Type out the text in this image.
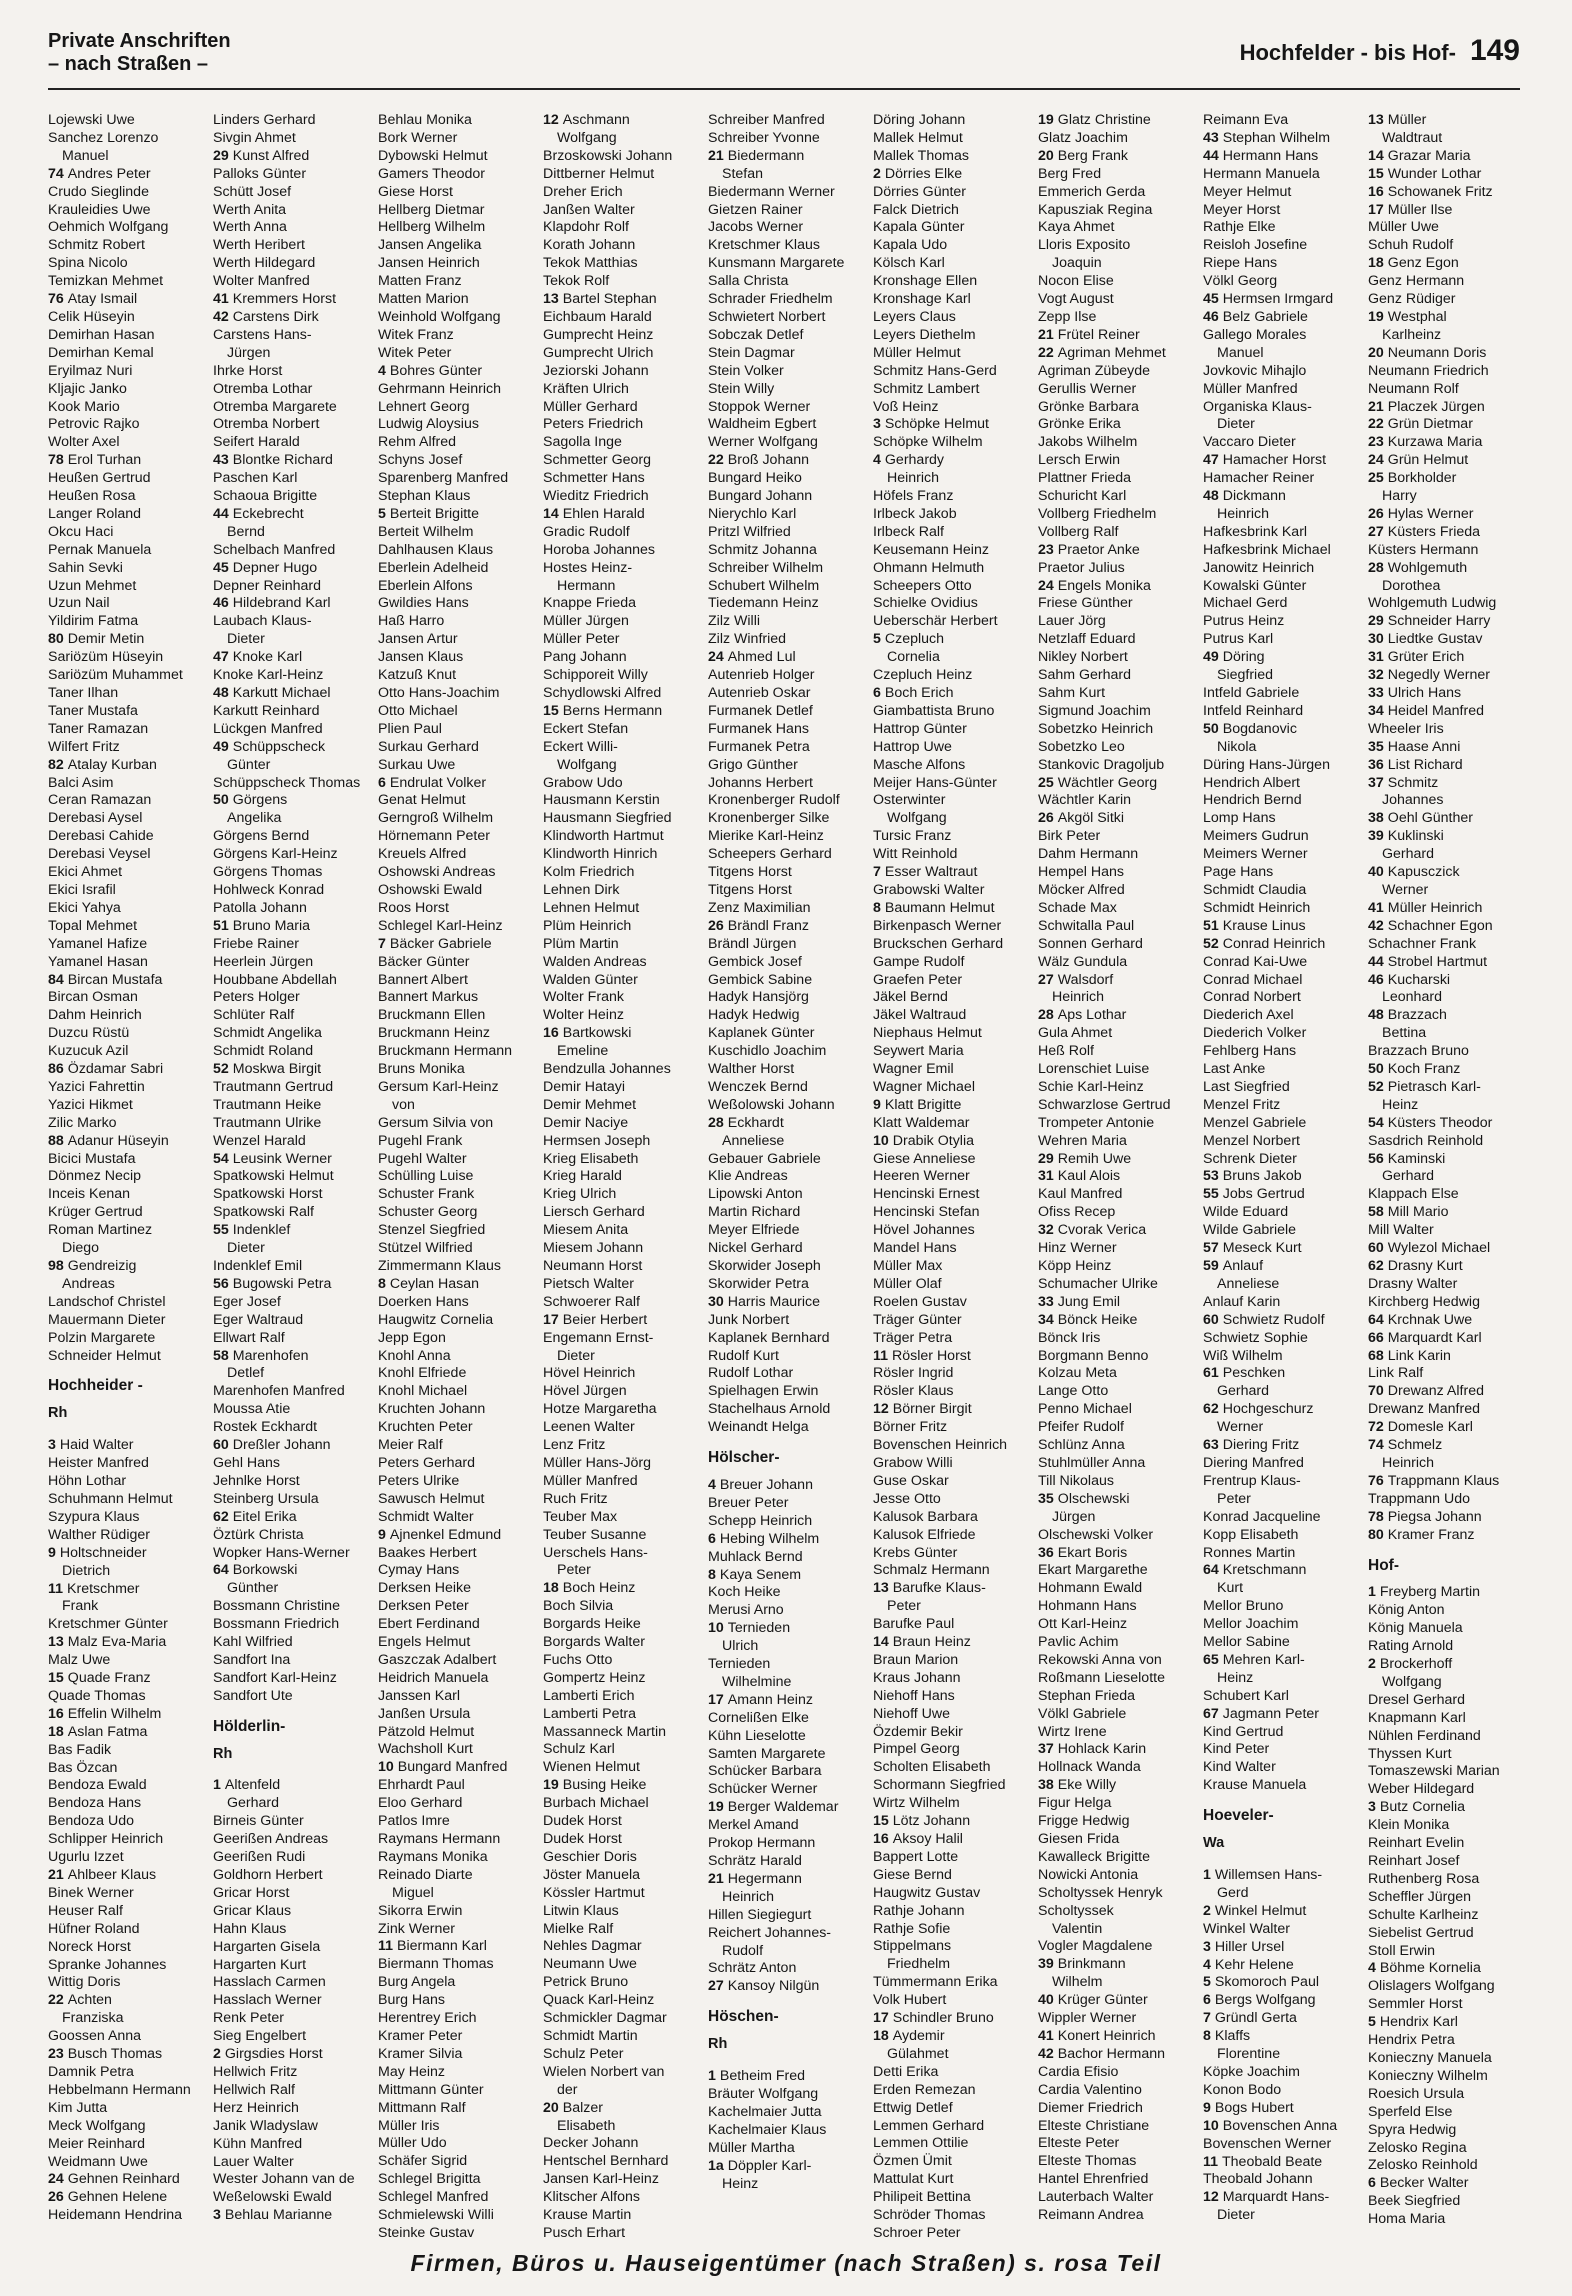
Private Anschriften
– nach Straßen –	Hochfelder - bis Hof- 149
Lojewski Uwe
Sanchez Lorenzo
Manuel
74 Andres Peter
Crudo Sieglinde
Krauleidies Uwe
Oehmich Wolfgang
Schmitz Robert
Spina Nicolo
Temizkan Mehmet
76 Atay Ismail
Celik Hüseyin
Demirhan Hasan
Demirhan Kemal
Eryilmaz Nuri
Kljajic Janko
Kook Mario
Petrovic Rajko
Wolter Axel
78 Erol Turhan
Heußen Gertrud
Heußen Rosa
Langer Roland
Okcu Haci
Pernak Manuela
Sahin Sevki
Uzun Mehmet
Uzun Nail
Yildirim Fatma
80 Demir Metin
Sariözüm Hüseyin
Sariözüm Muhammet
Taner Ilhan
Taner Mustafa
Taner Ramazan
Wilfert Fritz
82 Atalay Kurban
Balci Asim
Ceran Ramazan
Derebasi Aysel
Derebasi Cahide
Derebasi Veysel
Ekici Ahmet
Ekici Israfil
Ekici Yahya
Topal Mehmet
Yamanel Hafize
Yamanel Hasan
84 Bircan Mustafa
Bircan Osman
Dahm Heinrich
Duzcu Rüstü
Kuzucuk Azil
86 Özdamar Sabri
Yazici Fahrettin
Yazici Hikmet
Zilic Marko
88 Adanur Hüseyin
Bicici Mustafa
Dönmez Necip
Inceis Kenan
Krüger Gertrud
Roman Martinez
Diego
98 Gendreizig
Andreas
Landschof Christel
Mauermann Dieter
Polzin Margarete
Schneider Helmut
Hochheider -
Rh
3 Haid Walter
Heister Manfred
Höhn Lothar
Schuhmann Helmut
Szypura Klaus
Walther Rüdiger
9 Holtschneider
Dietrich
11 Kretschmer
Frank
Kretschmer Günter
13 Malz Eva-Maria
Malz Uwe
15 Quade Franz
Quade Thomas
16 Effelin Wilhelm
18 Aslan Fatma
Bas Fadik
Bas Özcan
Bendoza Ewald
Bendoza Hans
Bendoza Udo
Schlipper Heinrich
Ugurlu Izzet
21 Ahlbeer Klaus
Binek Werner
Heuser Ralf
Hüfner Roland
Noreck Horst
Spranke Johannes
Wittig Doris
22 Achten
Franziska
Goossen Anna
23 Busch Thomas
Damnik Petra
Hebbelmann Hermann
Kim Jutta
Meck Wolfgang
Meier Reinhard
Weidmann Uwe
24 Gehnen Reinhard
26 Gehnen Helene
Heidemann Hendrina
Linders Gerhard
Sivgin Ahmet
29 Kunst Alfred
Palloks Günter
Schütt Josef
Werth Anita
Werth Anna
Werth Heribert
Werth Hildegard
Wolter Manfred
41 Kremmers Horst
42 Carstens Dirk
Carstens Hans-
Jürgen
Ihrke Horst
Otremba Lothar
Otremba Margarete
Otremba Norbert
Seifert Harald
43 Blontke Richard
Paschen Karl
Schaoua Brigitte
44 Eckebrecht
Bernd
Schelbach Manfred
45 Depner Hugo
Depner Reinhard
46 Hildebrand Karl
Laubach Klaus-
Dieter
47 Knoke Karl
Knoke Karl-Heinz
48 Karkutt Michael
Karkutt Reinhard
Lückgen Manfred
49 Schüppscheck
Günter
Schüppscheck Thomas
50 Görgens
Angelika
Görgens Bernd
Görgens Karl-Heinz
Görgens Thomas
Hohlweck Konrad
Patolla Johann
51 Bruno Maria
Friebe Rainer
Heerlein Jürgen
Houbbane Abdellah
Peters Holger
Schlüter Ralf
Schmidt Angelika
Schmidt Roland
52 Moskwa Birgit
Trautmann Gertrud
Trautmann Heike
Trautmann Ulrike
Wenzel Harald
54 Leusink Werner
Spatkowski Helmut
Spatkowski Horst
Spatkowski Ralf
55 Indenklef
Dieter
Indenklef Emil
56 Bugowski Petra
Eger Josef
Eger Waltraud
Ellwart Ralf
58 Marenhofen
Detlef
Marenhofen Manfred
Moussa Atie
Rostek Eckhardt
60 Dreßler Johann
Gehl Hans
Jehnlke Horst
Steinberg Ursula
62 Eitel Erika
Öztürk Christa
Wopker Hans-Werner
64 Borkowski
Günther
Bossmann Christine
Bossmann Friedrich
Kahl Wilfried
Sandfort Ina
Sandfort Karl-Heinz
Sandfort Ute
Hölderlin-
Rh
1 Altenfeld
Gerhard
Birneis Günter
Geerißen Andreas
Geerißen Rudi
Goldhorn Herbert
Gricar Horst
Gricar Klaus
Hahn Klaus
Hargarten Gisela
Hargarten Kurt
Hasslach Carmen
Hasslach Werner
Renk Peter
Sieg Engelbert
2 Girgsdies Horst
Hellwich Fritz
Hellwich Ralf
Herz Heinrich
Janik Wladyslaw
Kühn Manfred
Lauer Walter
Wester Johann van de
Weßelowski Ewald
3 Behlau Marianne
Behlau Monika
Bork Werner
Dybowski Helmut
Gamers Theodor
Giese Horst
Hellberg Dietmar
Hellberg Wilhelm
Jansen Angelika
Jansen Heinrich
Matten Franz
Matten Marion
Weinhold Wolfgang
Witek Franz
Witek Peter
4 Bohres Günter
Gehrmann Heinrich
Lehnert Georg
Ludwig Aloysius
Rehm Alfred
Schyns Josef
Sparenberg Manfred
Stephan Klaus
5 Berteit Brigitte
Berteit Wilhelm
Dahlhausen Klaus
Eberlein Adelheid
Eberlein Alfons
Gwildies Hans
Haß Harro
Jansen Artur
Jansen Klaus
Katzuß Knut
Otto Hans-Joachim
Otto Michael
Plien Paul
Surkau Gerhard
Surkau Uwe
6 Endrulat Volker
Genat Helmut
Gerngroß Wilhelm
Hörnemann Peter
Kreuels Alfred
Oshowski Andreas
Oshowski Ewald
Roos Horst
Schlegel Karl-Heinz
7 Bäcker Gabriele
Bäcker Günter
Bannert Albert
Bannert Markus
Bruckmann Ellen
Bruckmann Heinz
Bruckmann Hermann
Bruns Monika
Gersum Karl-Heinz
von
Gersum Silvia von
Pugehl Frank
Pugehl Walter
Schülling Luise
Schuster Frank
Schuster Georg
Stenzel Siegfried
Stützel Wilfried
Zimmermann Klaus
8 Ceylan Hasan
Doerken Hans
Haugwitz Cornelia
Jepp Egon
Knohl Anna
Knohl Elfriede
Knohl Michael
Kruchten Johann
Kruchten Peter
Meier Ralf
Peters Gerhard
Peters Ulrike
Sawusch Helmut
Schmidt Walter
9 Ajnenkel Edmund
Baakes Herbert
Cymay Hans
Derksen Heike
Derksen Peter
Ebert Ferdinand
Engels Helmut
Gaszczak Adalbert
Heidrich Manuela
Janssen Karl
Janßen Ursula
Pätzold Helmut
Wachsholl Kurt
10 Bungard Manfred
Ehrhardt Paul
Eloo Gerhard
Patlos Imre
Raymans Hermann
Raymans Monika
Reinado Diarte
Miguel
Sikorra Erwin
Zink Werner
11 Biermann Karl
Biermann Thomas
Burg Angela
Burg Hans
Herentrey Erich
Kramer Peter
Kramer Silvia
May Heinz
Mittmann Günter
Mittmann Ralf
Müller Iris
Müller Udo
Schäfer Sigrid
Schlegel Brigitta
Schlegel Manfred
Schmielewski Willi
Steinke Gustav
12 Aschmann
Wolfgang
Brzoskowski Johann
Dittberner Helmut
Dreher Erich
Janßen Walter
Klapdohr Rolf
Korath Johann
Tekok Matthias
Tekok Rolf
13 Bartel Stephan
Eichbaum Harald
Gumprecht Heinz
Gumprecht Ulrich
Jeziorski Johann
Kräften Ulrich
Müller Gerhard
Peters Friedrich
Sagolla Inge
Schmetter Georg
Schmetter Hans
Wieditz Friedrich
14 Ehlen Harald
Gradic Rudolf
Horoba Johannes
Hostes Heinz-
Hermann
Knappe Frieda
Müller Jürgen
Müller Peter
Pang Johann
Schipporeit Willy
Schydlowski Alfred
15 Berns Hermann
Eckert Stefan
Eckert Willi-
Wolfgang
Grabow Udo
Hausmann Kerstin
Hausmann Siegfried
Klindworth Hartmut
Klindworth Hinrich
Kolm Friedrich
Lehnen Dirk
Lehnen Helmut
Plüm Heinrich
Plüm Martin
Walden Andreas
Walden Günter
Wolter Frank
Wolter Heinz
16 Bartkowski
Emeline
Bendzulla Johannes
Demir Hatayi
Demir Mehmet
Demir Naciye
Hermsen Joseph
Krieg Elisabeth
Krieg Harald
Krieg Ulrich
Liersch Gerhard
Miesem Anita
Miesem Johann
Neumann Horst
Pietsch Walter
Schwoerer Ralf
17 Beier Herbert
Engemann Ernst-
Dieter
Hövel Heinrich
Hövel Jürgen
Hotze Margaretha
Leenen Walter
Lenz Fritz
Müller Hans-Jörg
Müller Manfred
Ruch Fritz
Teuber Max
Teuber Susanne
Uerschels Hans-
Peter
18 Boch Heinz
Boch Silvia
Borgards Heike
Borgards Walter
Fuchs Otto
Gompertz Heinz
Lamberti Erich
Lamberti Petra
Massanneck Martin
Schulz Karl
Wienen Helmut
19 Busing Heike
Burbach Michael
Dudek Horst
Dudek Horst
Geschier Doris
Jöster Manuela
Kössler Hartmut
Litwin Klaus
Mielke Ralf
Nehles Dagmar
Neumann Uwe
Petrick Bruno
Quack Karl-Heinz
Schmickler Dagmar
Schmidt Martin
Schulz Peter
Wielen Norbert van
der
20 Balzer
Elisabeth
Decker Johann
Hentschel Bernhard
Jansen Karl-Heinz
Klitscher Alfons
Krause Martin
Pusch Erhart
Schreiber Manfred
Schreiber Yvonne
21 Biedermann
Stefan
Biedermann Werner
Gietzen Rainer
Jacobs Werner
Kretschmer Klaus
Kunsmann Margarete
Salla Christa
Schrader Friedhelm
Schwietert Norbert
Sobczak Detlef
Stein Dagmar
Stein Volker
Stein Willy
Stoppok Werner
Waldheim Egbert
Werner Wolfgang
22 Broß Johann
Bungard Heiko
Bungard Johann
Nierychlo Karl
Pritzl Wilfried
Schmitz Johanna
Schreiber Wilhelm
Schubert Wilhelm
Tiedemann Heinz
Zilz Willi
Zilz Winfried
24 Ahmed Lul
Autenrieb Holger
Autenrieb Oskar
Furmanek Detlef
Furmanek Hans
Furmanek Petra
Grigo Günther
Johanns Herbert
Kronenberger Rudolf
Kronenberger Silke
Mierike Karl-Heinz
Scheepers Gerhard
Titgens Horst
Titgens Horst
Zenz Maximilian
26 Brändl Franz
Brändl Jürgen
Gembick Josef
Gembick Sabine
Hadyk Hansjörg
Hadyk Hedwig
Kaplanek Günter
Kuschidlo Joachim
Walther Horst
Wenczek Bernd
Weßolowski Johann
28 Eckhardt
Anneliese
Gebauer Gabriele
Klie Andreas
Lipowski Anton
Martin Richard
Meyer Elfriede
Nickel Gerhard
Skorwider Joseph
Skorwider Petra
30 Harris Maurice
Junk Norbert
Kaplanek Bernhard
Rudolf Kurt
Rudolf Lothar
Spielhagen Erwin
Stachelhaus Arnold
Weinandt Helga
Hölscher-
4 Breuer Johann
Breuer Peter
Schepp Heinrich
6 Hebing Wilhelm
Muhlack Bernd
8 Kaya Senem
Koch Heike
Merusi Arno
10 Ternieden
Ulrich
Ternieden
Wilhelmine
17 Amann Heinz
Cornelißen Elke
Kühn Lieselotte
Samten Margarete
Schücker Barbara
Schücker Werner
19 Berger Waldemar
Merkel Amand
Prokop Hermann
Schrätz Harald
21 Hegermann
Heinrich
Hillen Siegiegurt
Reichert Johannes-
Rudolf
Schrätz Anton
27 Kansoy Nilgün
Höschen-
Rh
1 Betheim Fred
Bräuter Wolfgang
Kachelmaier Jutta
Kachelmaier Klaus
Müller Martha
1a Döppler Karl-
Heinz
Döring Johann
Mallek Helmut
Mallek Thomas
2 Dörries Elke
Dörries Günter
Falck Dietrich
Kapala Günter
Kapala Udo
Kölsch Karl
Kronshage Ellen
Kronshage Karl
Leyers Claus
Leyers Diethelm
Müller Helmut
Schmitz Hans-Gerd
Schmitz Lambert
Voß Heinz
3 Schöpke Helmut
Schöpke Wilhelm
4 Gerhardy
Heinrich
Höfels Franz
Irlbeck Jakob
Irlbeck Ralf
Keusemann Heinz
Ohmann Helmuth
Scheepers Otto
Schielke Ovidius
Ueberschär Herbert
5 Czepluch
Cornelia
Czepluch Heinz
6 Boch Erich
Giambattista Bruno
Hattrop Günter
Hattrop Uwe
Masche Alfons
Meijer Hans-Günter
Osterwinter
Wolfgang
Tursic Franz
Witt Reinhold
7 Esser Waltraut
Grabowski Walter
8 Baumann Helmut
Birkenpasch Werner
Bruckschen Gerhard
Gampe Rudolf
Graefen Peter
Jäkel Bernd
Jäkel Waltraud
Niephaus Helmut
Seywert Maria
Wagner Emil
Wagner Michael
9 Klatt Brigitte
Klatt Waldemar
10 Drabik Otylia
Giese Anneliese
Heeren Werner
Hencinski Ernest
Hencinski Stefan
Hövel Johannes
Mandel Hans
Müller Max
Müller Olaf
Roelen Gustav
Träger Günter
Träger Petra
11 Rösler Horst
Rösler Ingrid
Rösler Klaus
12 Börner Birgit
Börner Fritz
Bovenschen Heinrich
Grabow Willi
Guse Oskar
Jesse Otto
Kalusok Barbara
Kalusok Elfriede
Krebs Günter
Schmalz Hermann
13 Barufke Klaus-
Peter
Barufke Paul
14 Braun Heinz
Braun Marion
Kraus Johann
Niehoff Hans
Niehoff Uwe
Özdemir Bekir
Pimpel Georg
Scholten Elisabeth
Schormann Siegfried
Wirtz Wilhelm
15 Lötz Johann
16 Aksoy Halil
Bappert Lotte
Giese Bernd
Haugwitz Gustav
Rathje Johann
Rathje Sofie
Stippelmans
Friedhelm
Tümmermann Erika
Volk Hubert
17 Schindler Bruno
18 Aydemir
Gülahmet
Detti Erika
Erden Remezan
Ettwig Detlef
Lemmen Gerhard
Lemmen Ottilie
Özmen Ümit
Mattulat Kurt
Philipeit Bettina
Schröder Thomas
Schroer Peter
19 Glatz Christine
Glatz Joachim
20 Berg Frank
Berg Fred
Emmerich Gerda
Kapusziak Regina
Kaya Ahmet
Lloris Exposito
Joaquin
Nocon Elise
Vogt August
Zepp Ilse
21 Frütel Reiner
22 Agriman Mehmet
Agriman Zübeyde
Gerullis Werner
Grönke Barbara
Grönke Erika
Jakobs Wilhelm
Lersch Erwin
Plattner Frieda
Schuricht Karl
Vollberg Friedhelm
Vollberg Ralf
23 Praetor Anke
Praetor Julius
24 Engels Monika
Friese Günther
Lauer Jörg
Netzlaff Eduard
Nikley Norbert
Sahm Gerhard
Sahm Kurt
Sigmund Joachim
Sobetzko Heinrich
Sobetzko Leo
Stankovic Dragoljub
25 Wächtler Georg
Wächtler Karin
26 Akgöl Sitki
Birk Peter
Dahm Hermann
Hempel Hans
Möcker Alfred
Schade Max
Schwitalla Paul
Sonnen Gerhard
Wälz Gundula
27 Walsdorf
Heinrich
28 Aps Lothar
Gula Ahmet
Heß Rolf
Lorenschiet Luise
Schie Karl-Heinz
Schwarzlose Gertrud
Trompeter Antonie
Wehren Maria
29 Remih Uwe
31 Kaul Alois
Kaul Manfred
Ofiss Recep
32 Cvorak Verica
Hinz Werner
Köpp Heinz
Schumacher Ulrike
33 Jung Emil
34 Bönck Heike
Bönck Iris
Borgmann Benno
Kolzau Meta
Lange Otto
Penno Michael
Pfeifer Rudolf
Schlünz Anna
Stuhlmüller Anna
Till Nikolaus
35 Olschewski
Jürgen
Olschewski Volker
36 Ekart Boris
Ekart Margarethe
Hohmann Ewald
Hohmann Hans
Ott Karl-Heinz
Pavlic Achim
Rekowski Anna von
Roßmann Lieselotte
Stephan Frieda
Völkl Gabriele
Wirtz Irene
37 Hohlack Karin
Hollnack Wanda
38 Eke Willy
Figur Helga
Frigge Hedwig
Giesen Frida
Kawalleck Brigitte
Nowicki Antonia
Scholtyssek Henryk
Scholtyssek
Valentin
Vogler Magdalene
39 Brinkmann
Wilhelm
40 Krüger Günter
Wippler Werner
41 Konert Heinrich
42 Bachor Hermann
Cardia Efisio
Cardia Valentino
Diemer Friedrich
Elteste Christiane
Elteste Peter
Elteste Thomas
Hantel Ehrenfried
Lauterbach Walter
Reimann Andrea
Reimann Eva
43 Stephan Wilhelm
44 Hermann Hans
Hermann Manuela
Meyer Helmut
Meyer Horst
Rathje Elke
Reisloh Josefine
Riepe Hans
Völkl Georg
45 Hermsen Irmgard
46 Belz Gabriele
Gallego Morales
Manuel
Jovkovic Mihajlo
Müller Manfred
Organiska Klaus-
Dieter
Vaccaro Dieter
47 Hamacher Horst
Hamacher Reiner
48 Dickmann
Heinrich
Hafkesbrink Karl
Hafkesbrink Michael
Janowitz Heinrich
Kowalski Günter
Michael Gerd
Putrus Heinz
Putrus Karl
49 Döring
Siegfried
Intfeld Gabriele
Intfeld Reinhard
50 Bogdanovic
Nikola
Düring Hans-Jürgen
Hendrich Albert
Hendrich Bernd
Lomp Hans
Meimers Gudrun
Meimers Werner
Page Hans
Schmidt Claudia
Schmidt Heinrich
51 Krause Linus
52 Conrad Heinrich
Conrad Kai-Uwe
Conrad Michael
Conrad Norbert
Diederich Axel
Diederich Volker
Fehlberg Hans
Last Anke
Last Siegfried
Menzel Fritz
Menzel Gabriele
Menzel Norbert
Schrenk Dieter
53 Bruns Jakob
55 Jobs Gertrud
Wilde Eduard
Wilde Gabriele
57 Meseck Kurt
59 Anlauf
Anneliese
Anlauf Karin
60 Schwietz Rudolf
Schwietz Sophie
Wiß Wilhelm
61 Peschken
Gerhard
62 Hochgeschurz
Werner
63 Diering Fritz
Diering Manfred
Frentrup Klaus-
Peter
Konrad Jacqueline
Kopp Elisabeth
Ronnes Martin
64 Kretschmann
Kurt
Mellor Bruno
Mellor Joachim
Mellor Sabine
65 Mehren Karl-
Heinz
Schubert Karl
67 Jagmann Peter
Kind Gertrud
Kind Peter
Kind Walter
Krause Manuela
Hoeveler-
Wa
1 Willemsen Hans-
Gerd
2 Winkel Helmut
Winkel Walter
3 Hiller Ursel
4 Kehr Helene
5 Skomoroch Paul
6 Bergs Wolfgang
7 Gründl Gerta
8 Klaffs
Florentine
Köpke Joachim
Konon Bodo
9 Bogs Hubert
10 Bovenschen Anna
Bovenschen Werner
11 Theobald Beate
Theobald Johann
12 Marquardt Hans-
Dieter
13 Müller
Waldtraut
14 Grazar Maria
15 Wunder Lothar
16 Schowanek Fritz
17 Müller Ilse
Müller Uwe
Schuh Rudolf
18 Genz Egon
Genz Hermann
Genz Rüdiger
19 Westphal
Karlheinz
20 Neumann Doris
Neumann Friedrich
Neumann Rolf
21 Placzek Jürgen
22 Grün Dietmar
23 Kurzawa Maria
24 Grün Helmut
25 Borkholder
Harry
26 Hylas Werner
27 Küsters Frieda
Küsters Hermann
28 Wohlgemuth
Dorothea
Wohlgemuth Ludwig
29 Schneider Harry
30 Liedtke Gustav
31 Grüter Erich
32 Negedly Werner
33 Ulrich Hans
34 Heidel Manfred
Wheeler Iris
35 Haase Anni
36 List Richard
37 Schmitz
Johannes
38 Oehl Günther
39 Kuklinski
Gerhard
40 Kapusczick
Werner
41 Müller Heinrich
42 Schachner Egon
Schachner Frank
44 Strobel Hartmut
46 Kucharski
Leonhard
48 Brazzach
Bettina
Brazzach Bruno
50 Koch Franz
52 Pietrasch Karl-
Heinz
54 Küsters Theodor
Sasdrich Reinhold
56 Kaminski
Gerhard
Klappach Else
58 Mill Mario
Mill Walter
60 Wylezol Michael
62 Drasny Kurt
Drasny Walter
Kirchberg Hedwig
64 Krchnak Uwe
66 Marquardt Karl
68 Link Karin
Link Ralf
70 Drewanz Alfred
Drewanz Manfred
72 Domesle Karl
74 Schmelz
Heinrich
76 Trappmann Klaus
Trappmann Udo
78 Piegsa Johann
80 Kramer Franz
Hof-
1 Freyberg Martin
König Anton
König Manuela
Rating Arnold
2 Brockerhoff
Wolfgang
Dresel Gerhard
Knapmann Karl
Nühlen Ferdinand
Thyssen Kurt
Tomaszewski Marian
Weber Hildegard
3 Butz Cornelia
Klein Monika
Reinhart Evelin
Reinhart Josef
Ruthenberg Rosa
Scheffler Jürgen
Schulte Karlheinz
Siebelist Gertrud
Stoll Erwin
4 Böhme Kornelia
Olislagers Wolfgang
Semmler Horst
5 Hendrix Karl
Hendrix Petra
Konieczny Manuela
Konieczny Wilhelm
Roesich Ursula
Sperfeld Else
Spyra Hedwig
Zelosko Regina
Zelosko Reinhold
6 Becker Walter
Beek Siegfried
Homa Maria
Firmen, Büros u. Hauseigentümer (nach Straßen) s. rosa Teil
